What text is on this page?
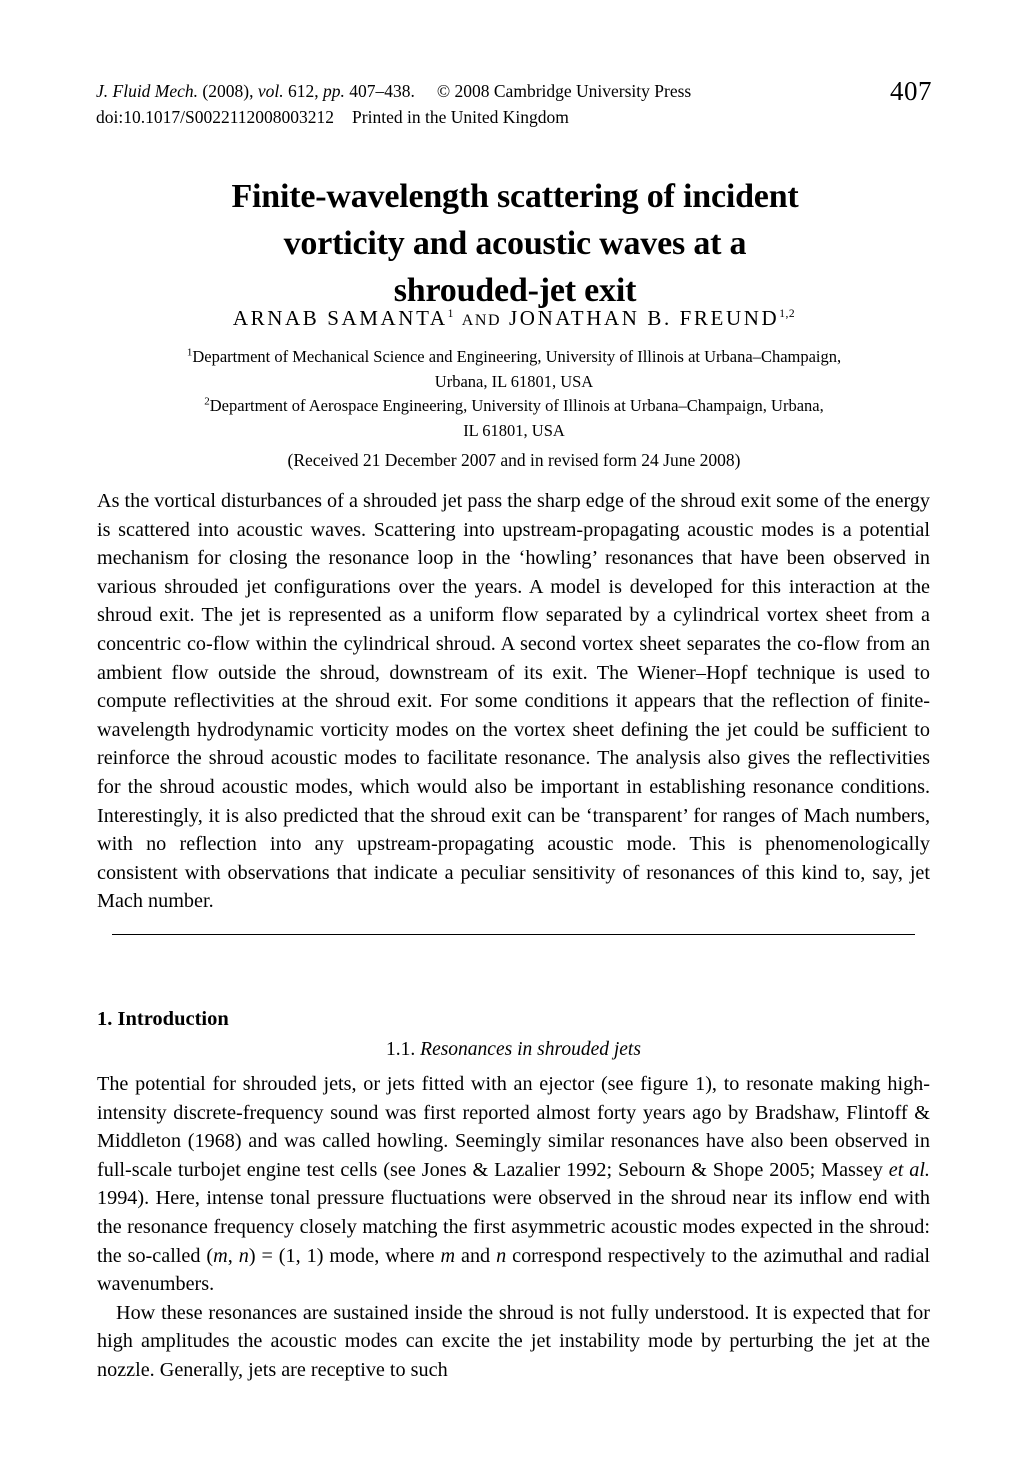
J. Fluid Mech. (2008), vol. 612, pp. 407–438. © 2008 Cambridge University Press
doi:10.1017/S0022112008003212 Printed in the United Kingdom
407
Finite-wavelength scattering of incident
vorticity and acoustic waves at a
shrouded-jet exit
ARNAB SAMANTA$^1$ AND JONATHAN B. FREUND$^{1,2}$
$^1$Department of Mechanical Science and Engineering, University of Illinois at Urbana–Champaign,
Urbana, IL 61801, USA
$^2$Department of Aerospace Engineering, University of Illinois at Urbana–Champaign, Urbana,
IL 61801, USA
(Received 21 December 2007 and in revised form 24 June 2008)
As the vortical disturbances of a shrouded jet pass the sharp edge of the shroud exit some of the energy is scattered into acoustic waves. Scattering into upstream-propagating acoustic modes is a potential mechanism for closing the resonance loop in the ‘howling’ resonances that have been observed in various shrouded jet configurations over the years. A model is developed for this interaction at the shroud exit. The jet is represented as a uniform flow separated by a cylindrical vortex sheet from a concentric co-flow within the cylindrical shroud. A second vortex sheet separates the co-flow from an ambient flow outside the shroud, downstream of its exit. The Wiener–Hopf technique is used to compute reflectivities at the shroud exit. For some conditions it appears that the reflection of finite-wavelength hydrodynamic vorticity modes on the vortex sheet defining the jet could be sufficient to reinforce the shroud acoustic modes to facilitate resonance. The analysis also gives the reflectivities for the shroud acoustic modes, which would also be important in establishing resonance conditions. Interestingly, it is also predicted that the shroud exit can be ‘transparent’ for ranges of Mach numbers, with no reflection into any upstream-propagating acoustic mode. This is phenomenologically consistent with observations that indicate a peculiar sensitivity of resonances of this kind to, say, jet Mach number.
1. Introduction
1.1. Resonances in shrouded jets

The potential for shrouded jets, or jets fitted with an ejector (see figure 1), to resonate making high-intensity discrete-frequency sound was first reported almost forty years ago by Bradshaw, Flintoff & Middleton (1968) and was called howling. Seemingly similar resonances have also been observed in full-scale turbojet engine test cells (see Jones & Lazalier 1992; Sebourn & Shope 2005; Massey et al. 1994). Here, intense tonal pressure fluctuations were observed in the shroud near its inflow end with the resonance frequency closely matching the first asymmetric acoustic modes expected in the shroud: the so-called (m, n) = (1, 1) mode, where m and n correspond respectively to the azimuthal and radial wavenumbers.

How these resonances are sustained inside the shroud is not fully understood. It is expected that for high amplitudes the acoustic modes can excite the jet instability mode by perturbing the jet at the nozzle. Generally, jets are receptive to such
